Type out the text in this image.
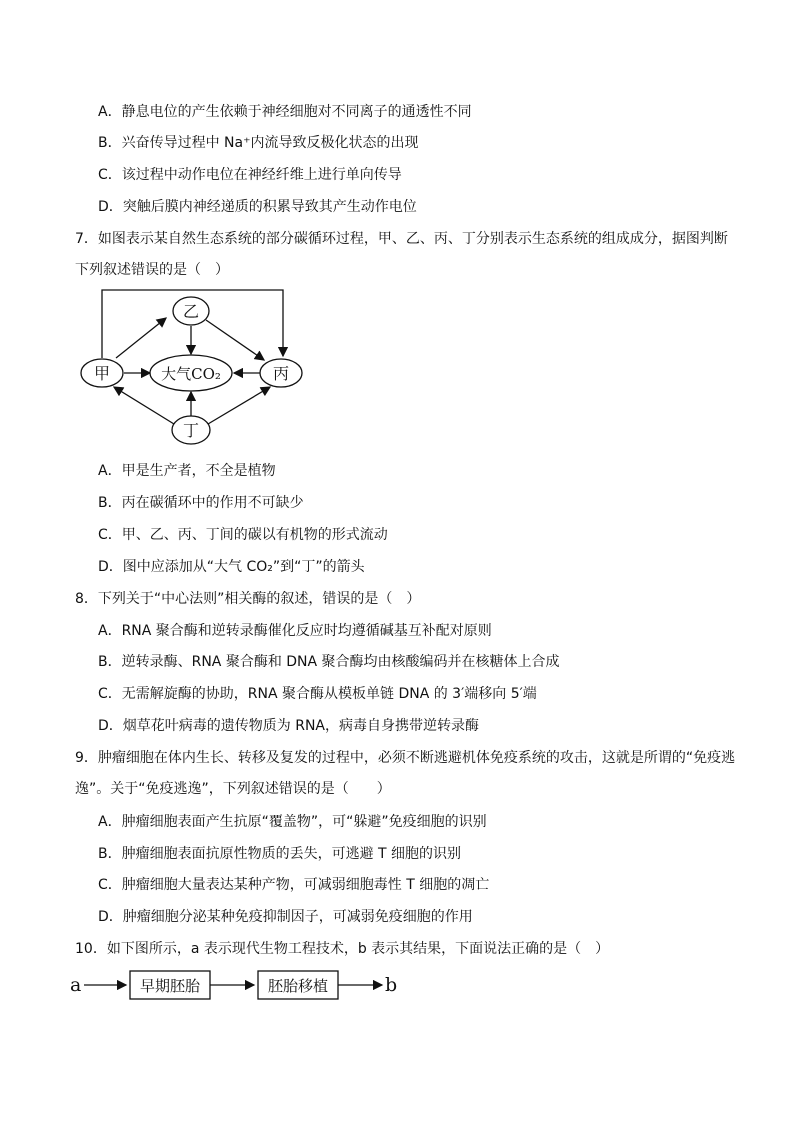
A．静息电位的产生依赖于神经细胞对不同离子的通透性不同
B．兴奋传导过程中 Na⁺内流导致反极化状态的出现
C．该过程中动作电位在神经纤维上进行单向传导
D．突触后膜内神经递质的积累导致其产生动作电位
7．如图表示某自然生态系统的部分碳循环过程，甲、乙、丙、丁分别表示生态系统的组成成分，据图判断
下列叙述错误的是（　）
乙
甲	丙
大气CO₂
丁
A．甲是生产者，不全是植物
B．丙在碳循环中的作用不可缺少
C．甲、乙、丙、丁间的碳以有机物的形式流动
D．图中应添加从“大气 CO₂”到“丁”的箭头
8．下列关于“中心法则”相关酶的叙述，错误的是（　）
A．RNA 聚合酶和逆转录酶催化反应时均遵循碱基互补配对原则
B．逆转录酶、RNA 聚合酶和 DNA 聚合酶均由核酸编码并在核糖体上合成
C．无需解旋酶的协助，RNA 聚合酶从模板单链 DNA 的 3′端移向 5′端
D．烟草花叶病毒的遗传物质为 RNA，病毒自身携带逆转录酶
9．肿瘤细胞在体内生长、转移及复发的过程中，必须不断逃避机体免疫系统的攻击，这就是所谓的“免疫逃
逸”。关于“免疫逃逸”，下列叙述错误的是（　　）
A．肿瘤细胞表面产生抗原“覆盖物”，可“躲避”免疫细胞的识别
B．肿瘤细胞表面抗原性物质的丢失，可逃避 T 细胞的识别
C．肿瘤细胞大量表达某种产物，可减弱细胞毒性 T 细胞的凋亡
D．肿瘤细胞分泌某种免疫抑制因子，可减弱免疫细胞的作用
10．如下图所示，a 表示现代生物工程技术，b 表示其结果，下面说法正确的是（　）
a	早期胚胎	胚胎移植	b
